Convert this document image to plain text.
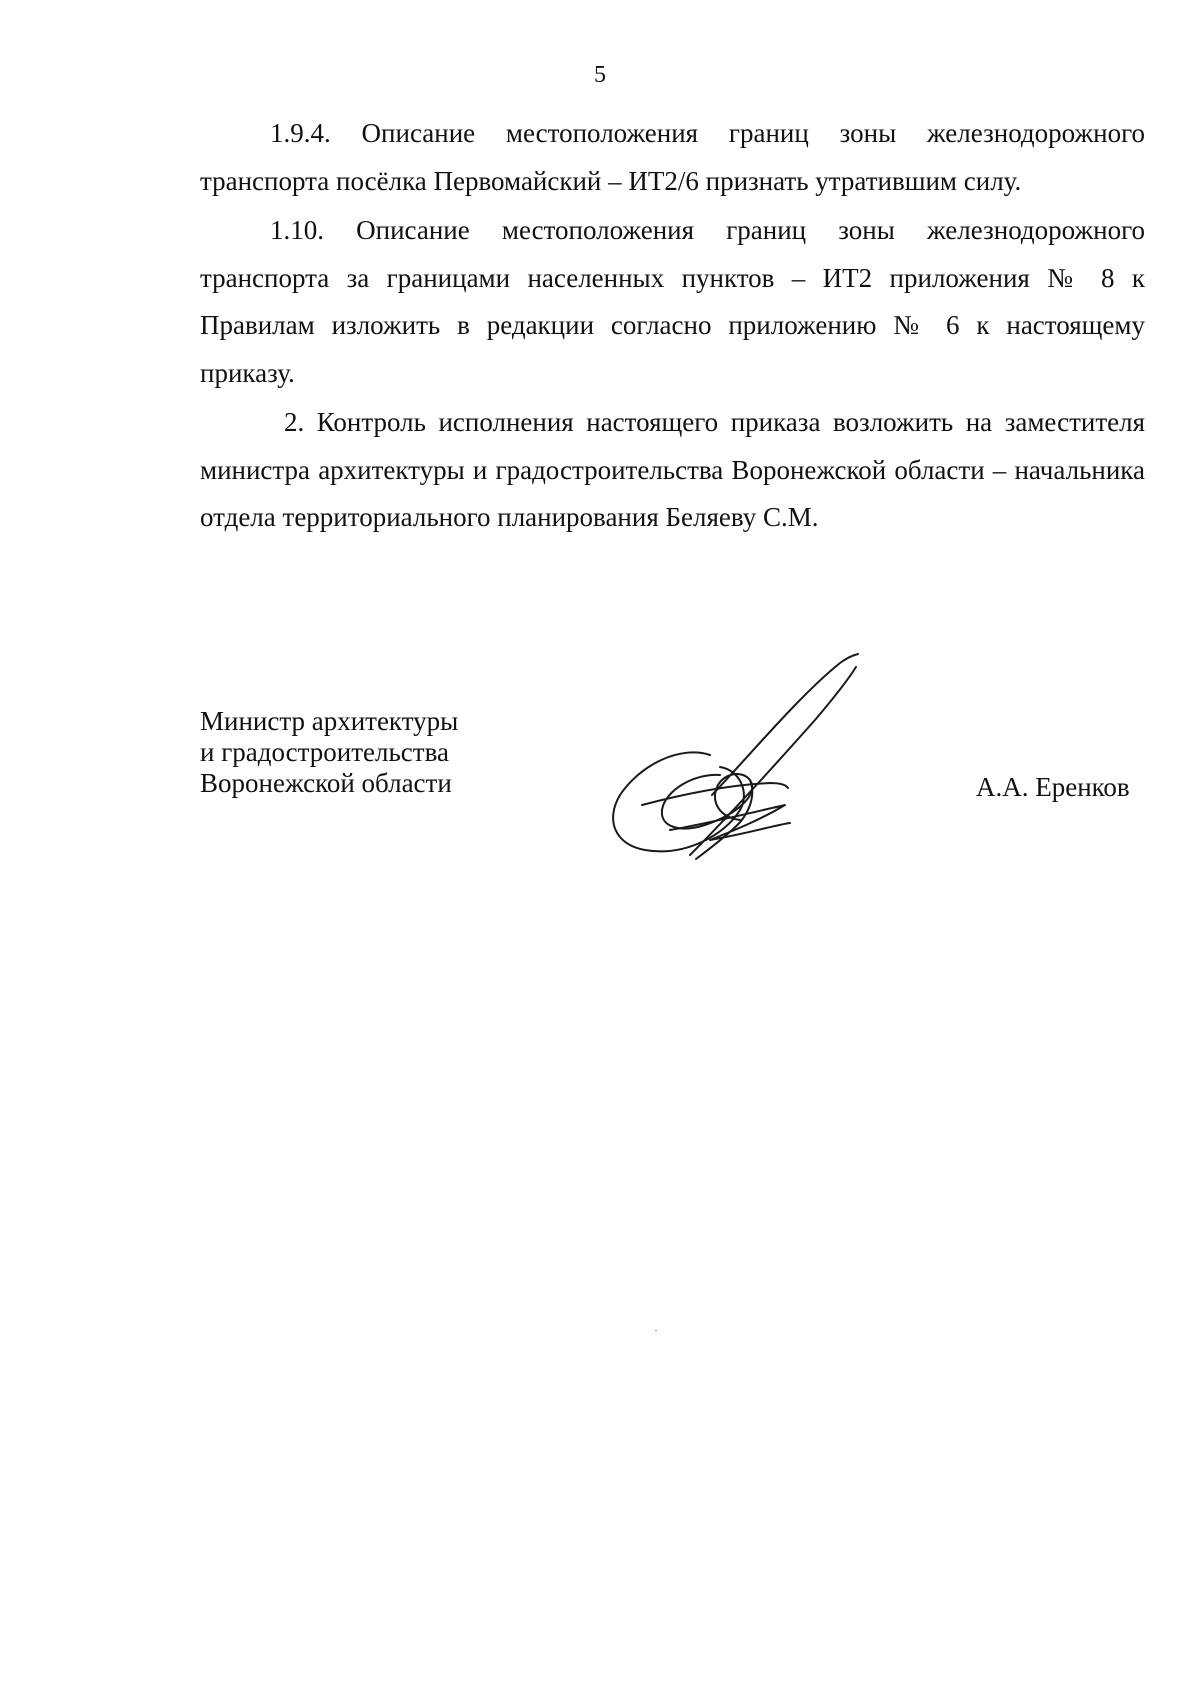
5

1.9.4. Описание местоположения границ зоны железнодорожного транспорта посёлка Первомайский – ИТ2/6 признать утратившим силу.

1.10. Описание местоположения границ зоны железнодорожного транспорта за границами населенных пунктов – ИТ2 приложения № 8 к Правилам изложить в редакции согласно приложению № 6 к настоящему приказу.

2. Контроль исполнения настоящего приказа возложить на заместителя министра архитектуры и градостроительства Воронежской области – начальника отдела территориального планирования Беляеву С.М.

Министр архитектуры
и градостроительства
Воронежской области	А.А. Еренков
